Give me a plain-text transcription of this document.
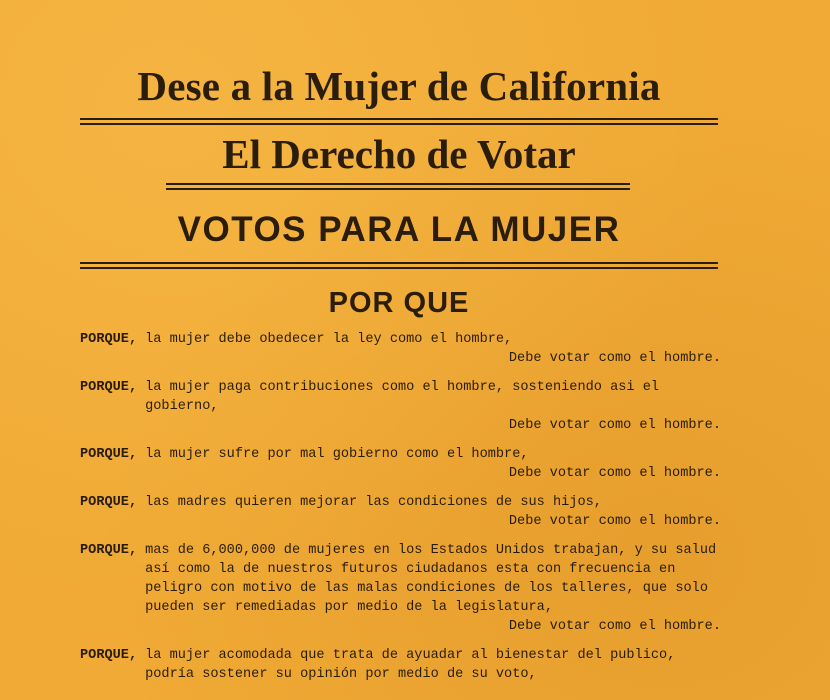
Dese a la Mujer de California
El Derecho de Votar
VOTOS PARA LA MUJER
POR QUE
PORQUE, la mujer debe obedecer la ley como el hombre,
Debe votar como el hombre.
PORQUE, la mujer paga contribuciones como el hombre, sosteniendo asi el gobierno,
Debe votar como el hombre.
PORQUE, la mujer sufre por mal gobierno como el hombre,
Debe votar como el hombre.
PORQUE, las madres quieren mejorar las condiciones de sus hijos,
Debe votar como el hombre.
PORQUE, mas de 6,000,000 de mujeres en los Estados Unidos trabajan, y su salud así como la de nuestros futuros ciudadanos esta con frecuencia en peligro con motivo de las malas condiciones de los talleres, que solo pueden ser remediadas por medio de la legislatura,
Debe votar como el hombre.
PORQUE, la mujer acomodada que trata de ayuadar al bienestar del publico, podría sostener su opinión por medio de su voto,
